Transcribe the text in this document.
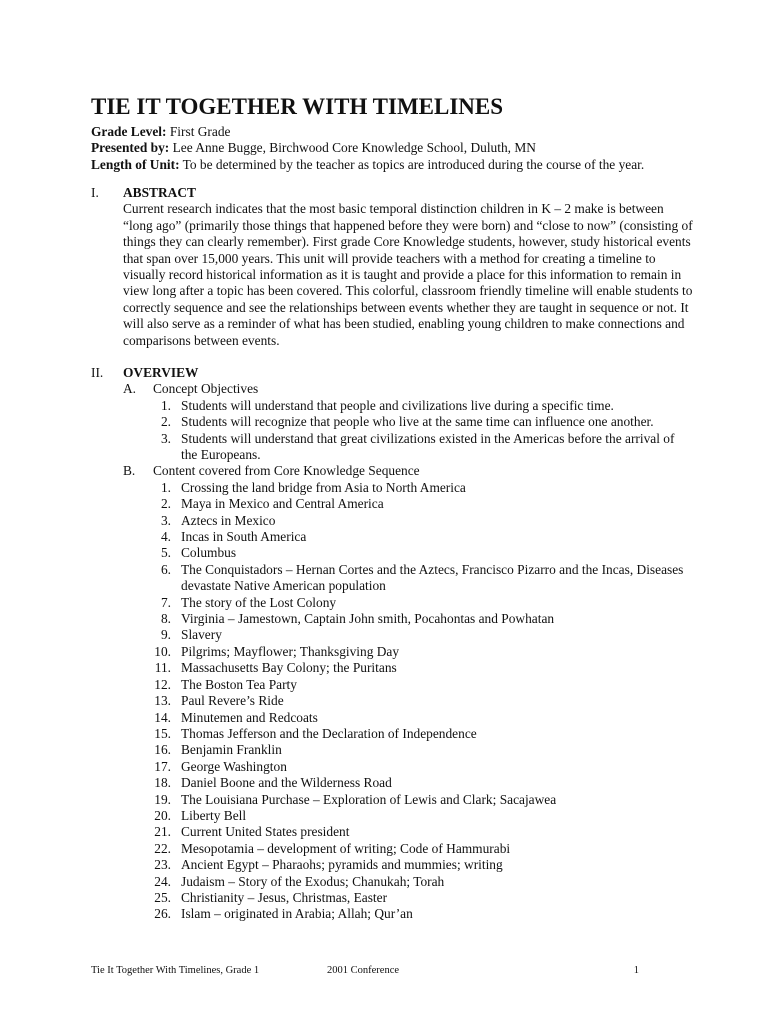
TIE IT TOGETHER WITH TIMELINES
Grade Level: First Grade
Presented by: Lee Anne Bugge, Birchwood Core Knowledge School, Duluth, MN
Length of Unit: To be determined by the teacher as topics are introduced during the course of the year.
I. ABSTRACT

Current research indicates that the most basic temporal distinction children in K – 2 make is between “long ago” (primarily those things that happened before they were born) and “close to now” (consisting of things they can clearly remember). First grade Core Knowledge students, however, study historical events that span over 15,000 years. This unit will provide teachers with a method for creating a timeline to visually record historical information as it is taught and provide a place for this information to remain in view long after a topic has been covered. This colorful, classroom friendly timeline will enable students to correctly sequence and see the relationships between events whether they are taught in sequence or not. It will also serve as a reminder of what has been studied, enabling young children to make connections and comparisons between events.

II. OVERVIEW
A. Concept Objectives
1. Students will understand that people and civilizations live during a specific time.
2. Students will recognize that people who live at the same time can influence one another.
3. Students will understand that great civilizations existed in the Americas before the arrival of the Europeans.
B. Content covered from Core Knowledge Sequence
1. Crossing the land bridge from Asia to North America
2. Maya in Mexico and Central America
3. Aztecs in Mexico
4. Incas in South America
5. Columbus
6. The Conquistadors – Hernan Cortes and the Aztecs, Francisco Pizarro and the Incas, Diseases devastate Native American population
7. The story of the Lost Colony
8. Virginia – Jamestown, Captain John smith, Pocahontas and Powhatan
9. Slavery
10. Pilgrims; Mayflower; Thanksgiving Day
11. Massachusetts Bay Colony; the Puritans
12. The Boston Tea Party
13. Paul Revere’s Ride
14. Minutemen and Redcoats
15. Thomas Jefferson and the Declaration of Independence
16. Benjamin Franklin
17. George Washington
18. Daniel Boone and the Wilderness Road
19. The Louisiana Purchase – Exploration of Lewis and Clark; Sacajawea
20. Liberty Bell
21. Current United States president
22. Mesopotamia – development of writing; Code of Hammurabi
23. Ancient Egypt – Pharaohs; pyramids and mummies; writing
24. Judaism – Story of the Exodus; Chanukah; Torah
25. Christianity – Jesus, Christmas, Easter
26. Islam – originated in Arabia; Allah; Qur’an
Tie It Together With Timelines, Grade 1	2001 Conference	1
